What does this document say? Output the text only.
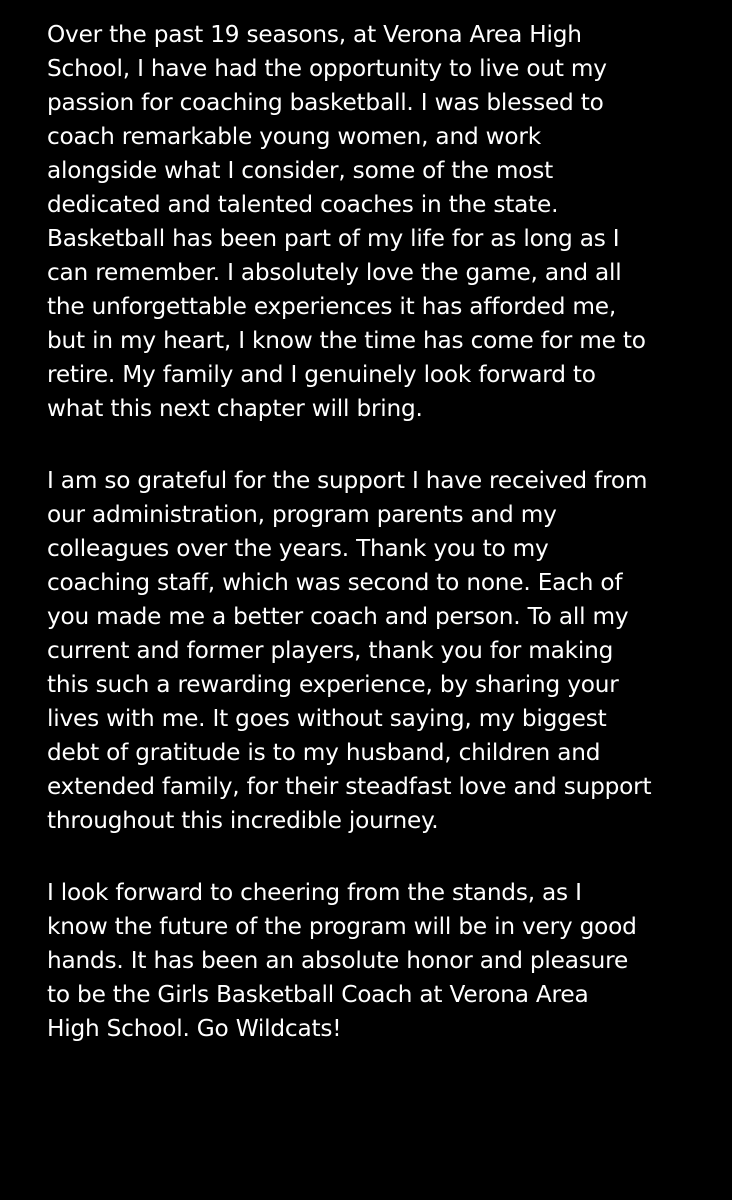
Over the past 19 seasons, at Verona Area High
School, I have had the opportunity to live out my
passion for coaching basketball. I was blessed to
coach remarkable young women, and work
alongside what I consider, some of the most
dedicated and talented coaches in the state.
Basketball has been part of my life for as long as I
can remember. I absolutely love the game, and all
the unforgettable experiences it has afforded me,
but in my heart, I know the time has come for me to
retire. My family and I genuinely look forward to
what this next chapter will bring.

I am so grateful for the support I have received from
our administration, program parents and my
colleagues over the years. Thank you to my
coaching staff, which was second to none. Each of
you made me a better coach and person. To all my
current and former players, thank you for making
this such a rewarding experience, by sharing your
lives with me. It goes without saying, my biggest
debt of gratitude is to my husband, children and
extended family, for their steadfast love and support
throughout this incredible journey.

I look forward to cheering from the stands, as I
know the future of the program will be in very good
hands. It has been an absolute honor and pleasure
to be the Girls Basketball Coach at Verona Area
High School. Go Wildcats!
